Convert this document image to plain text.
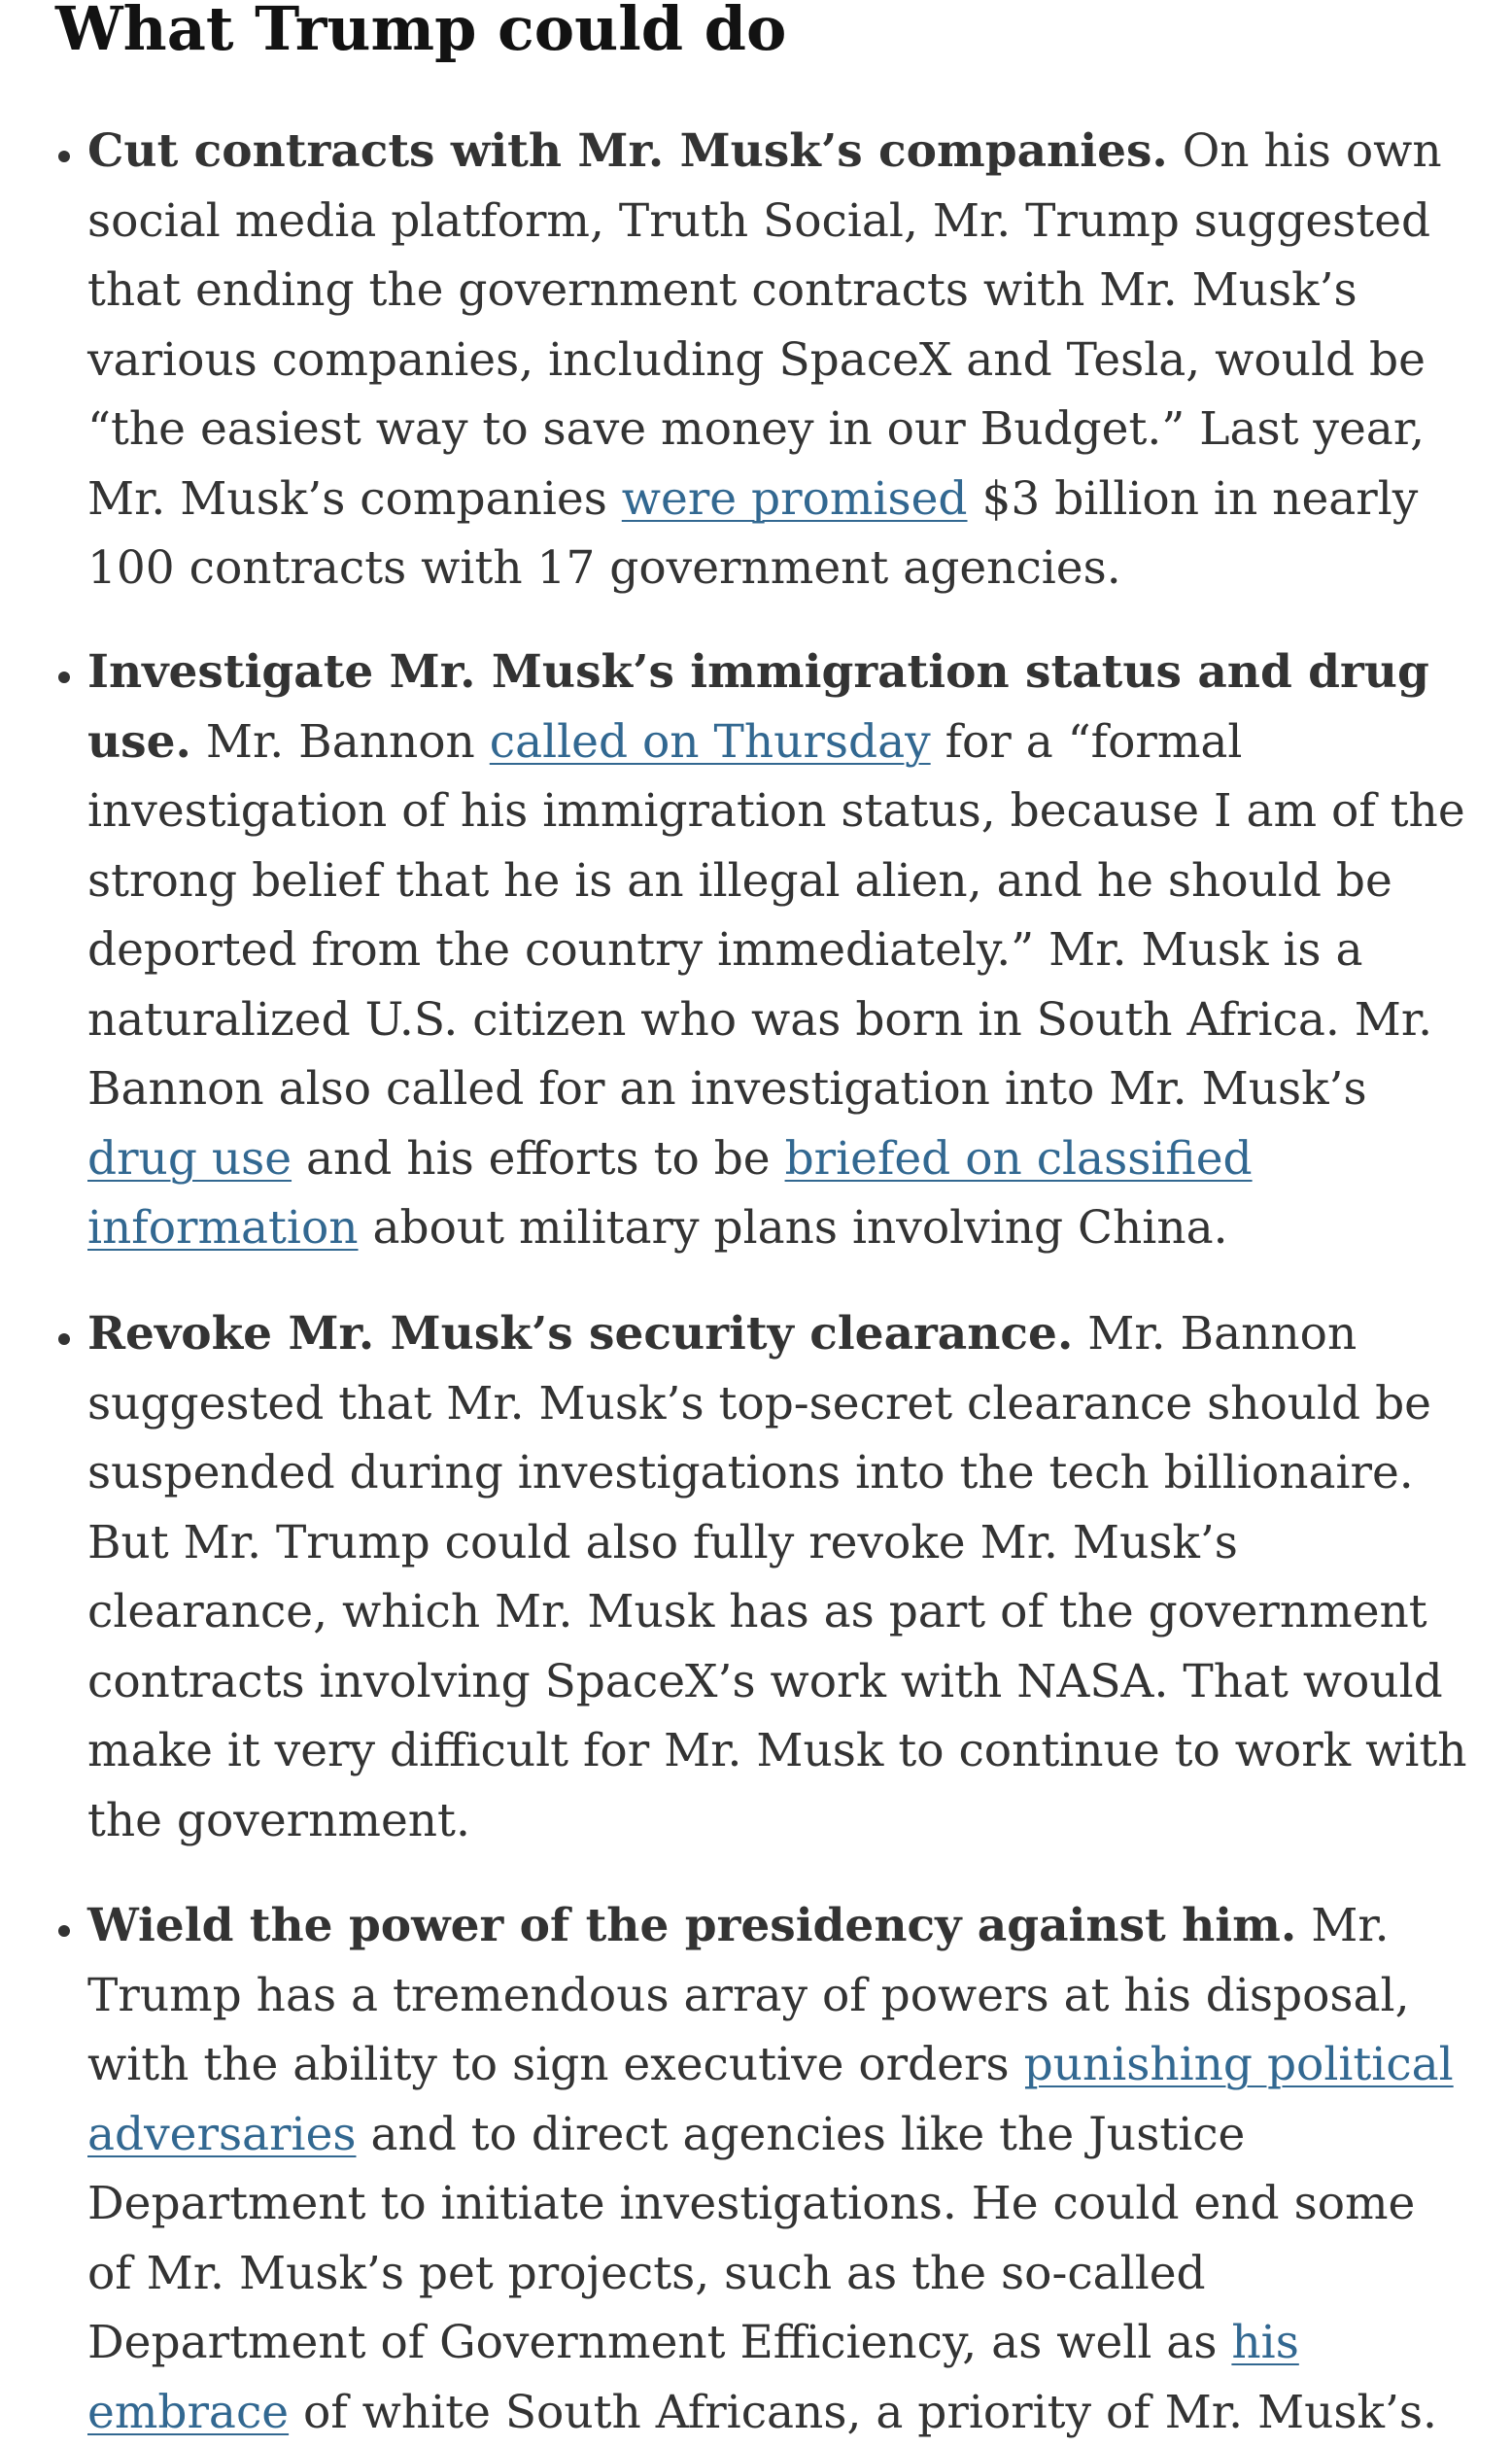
What Trump could do
Cut contracts with Mr. Musk’s companies. On his own social media platform, Truth Social, Mr. Trump suggested that ending the government contracts with Mr. Musk’s various companies, including SpaceX and Tesla, would be “the easiest way to save money in our Budget.” Last year, Mr. Musk’s companies were promised $3 billion in nearly 100 contracts with 17 government agencies.
Investigate Mr. Musk’s immigration status and drug use. Mr. Bannon called on Thursday for a “formal investigation of his immigration status, because I am of the strong belief that he is an illegal alien, and he should be deported from the country immediately.” Mr. Musk is a naturalized U.S. citizen who was born in South Africa. Mr. Bannon also called for an investigation into Mr. Musk’s drug use and his efforts to be briefed on classified information about military plans involving China.
Revoke Mr. Musk’s security clearance. Mr. Bannon suggested that Mr. Musk’s top-secret clearance should be suspended during investigations into the tech billionaire. But Mr. Trump could also fully revoke Mr. Musk’s clearance, which Mr. Musk has as part of the government contracts involving SpaceX’s work with NASA. That would make it very difficult for Mr. Musk to continue to work with the government.
Wield the power of the presidency against him. Mr. Trump has a tremendous array of powers at his disposal, with the ability to sign executive orders punishing political adversaries and to direct agencies like the Justice Department to initiate investigations. He could end some of Mr. Musk’s pet projects, such as the so-called Department of Government Efficiency, as well as his embrace of white South Africans, a priority of Mr. Musk’s.
